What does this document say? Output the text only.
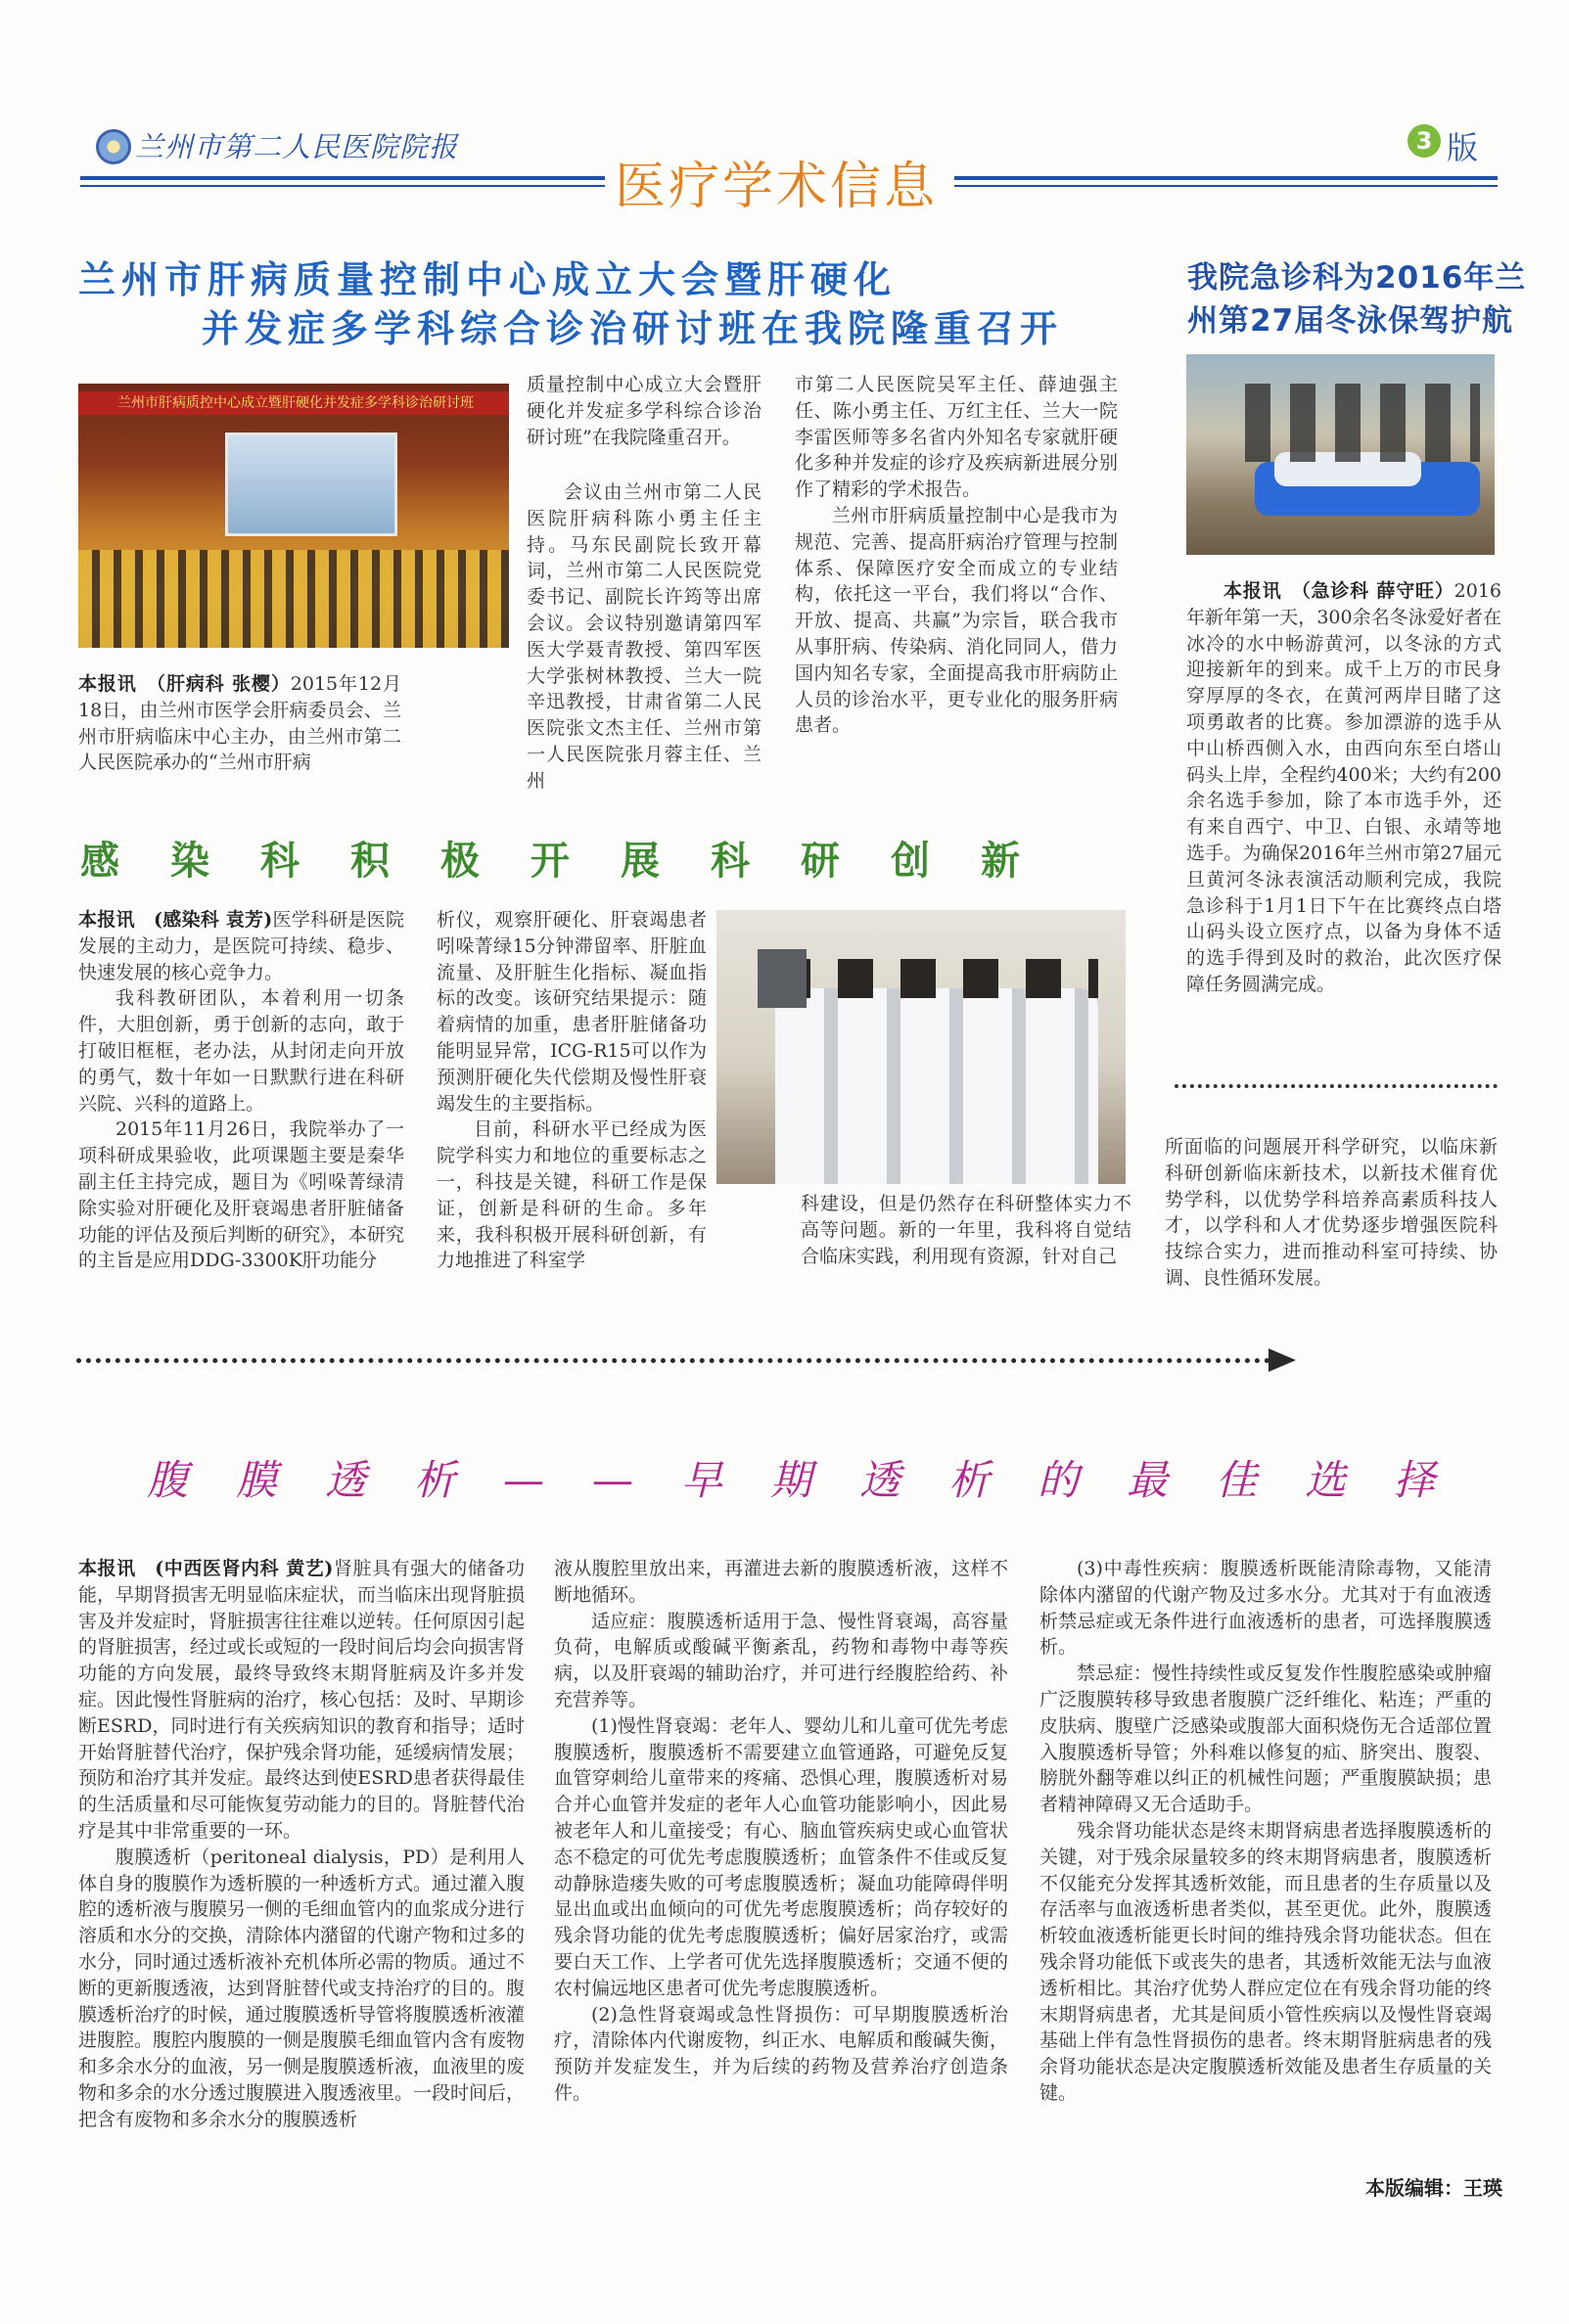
兰州市第二人民医院院报
医疗学术信息
3 版
兰州市肝病质量控制中心成立大会暨肝硬化
并发症多学科综合诊治研讨班在我院隆重召开
兰州市肝病质控中心成立暨肝硬化并发症多学科诊治研讨班

本报讯　（肝病科 张樱）2015年12月18日，由兰州市医学会肝病委员会、兰州市肝病临床中心主办，由兰州市第二人民医院承办的“兰州市肝病

质量控制中心成立大会暨肝硬化并发症多学科综合诊治研讨班”在我院隆重召开。

会议由兰州市第二人民医院肝病科陈小勇主任主持。马东民副院长致开幕词，兰州市第二人民医院党委书记、副院长许筠等出席会议。会议特别邀请第四军医大学聂青教授、第四军医大学张树林教授、兰大一院辛迅教授，甘肃省第二人民医院张文杰主任、兰州市第一人民医院张月蓉主任、兰州

市第二人民医院吴军主任、薛迪强主任、陈小勇主任、万红主任、兰大一院李雷医师等多名省内外知名专家就肝硬化多种并发症的诊疗及疾病新进展分别作了精彩的学术报告。

兰州市肝病质量控制中心是我市为规范、完善、提高肝病治疗管理与控制体系、保障医疗安全而成立的专业结构，依托这一平台，我们将以“合作、开放、提高、共赢”为宗旨，联合我市从事肝病、传染病、消化同同人，借力国内知名专家，全面提高我市肝病防止人员的诊治水平，更专业化的服务肝病患者。

我院急诊科为2016年兰
州第27届冬泳保驾护航

本报讯　（急诊科 薛守旺）2016年新年第一天，300余名冬泳爱好者在冰冷的水中畅游黄河，以冬泳的方式迎接新年的到来。成千上万的市民身穿厚厚的冬衣，在黄河两岸目睹了这项勇敢者的比赛。参加漂游的选手从中山桥西侧入水，由西向东至白塔山码头上岸，全程约400米；大约有200余名选手参加，除了本市选手外，还有来自西宁、中卫、白银、永靖等地选手。为确保2016年兰州市第27届元旦黄河冬泳表演活动顺利完成，我院急诊科于1月1日下午在比赛终点白塔山码头设立医疗点，以备为身体不适的选手得到及时的救治，此次医疗保障任务圆满完成。

感染科积极开展科研创新

本报讯　(感染科 袁芳)医学科研是医院发展的主动力，是医院可持续、稳步、快速发展的核心竞争力。

我科教研团队，本着利用一切条件，大胆创新，勇于创新的志向，敢于打破旧框框，老办法，从封闭走向开放的勇气，数十年如一日默默行进在科研兴院、兴科的道路上。

2015年11月26日，我院举办了一项科研成果验收，此项课题主要是秦华副主任主持完成，题目为《吲哚菁绿清除实验对肝硬化及肝衰竭患者肝脏储备功能的评估及预后判断的研究》，本研究的主旨是应用DDG-3300K肝功能分

析仪，观察肝硬化、肝衰竭患者吲哚菁绿15分钟滞留率、肝脏血流量、及肝脏生化指标、凝血指标的改变。该研究结果提示：随着病情的加重，患者肝脏储备功能明显异常，ICG-R15可以作为预测肝硬化失代偿期及慢性肝衰竭发生的主要指标。

目前，科研水平已经成为医院学科实力和地位的重要标志之一，科技是关键，科研工作是保证，创新是科研的生命。多年来，我科积极开展科研创新，有力地推进了科室学

科建设，但是仍然存在科研整体实力不高等问题。新的一年里，我科将自觉结合临床实践，利用现有资源，针对自己

所面临的问题展开科学研究，以临床新科研创新临床新技术，以新技术催育优势学科，以优势学科培养高素质科技人才，以学科和人才优势逐步增强医院科技综合实力，进而推动科室可持续、协调、良性循环发展。

腹膜透析——早期透析的最佳选择

本报讯　(中西医肾内科 黄艺)肾脏具有强大的储备功能，早期肾损害无明显临床症状，而当临床出现肾脏损害及并发症时，肾脏损害往往难以逆转。任何原因引起的肾脏损害，经过或长或短的一段时间后均会向损害肾功能的方向发展，最终导致终末期肾脏病及许多并发症。因此慢性肾脏病的治疗，核心包括：及时、早期诊断ESRD，同时进行有关疾病知识的教育和指导；适时开始肾脏替代治疗，保护残余肾功能，延缓病情发展；预防和治疗其并发症。最终达到使ESRD患者获得最佳的生活质量和尽可能恢复劳动能力的目的。肾脏替代治疗是其中非常重要的一环。

腹膜透析（peritoneal dialysis，PD）是利用人体自身的腹膜作为透析膜的一种透析方式。通过灌入腹腔的透析液与腹膜另一侧的毛细血管内的血浆成分进行溶质和水分的交换，清除体内潴留的代谢产物和过多的水分，同时通过透析液补充机体所必需的物质。通过不断的更新腹透液，达到肾脏替代或支持治疗的目的。腹膜透析治疗的时候，通过腹膜透析导管将腹膜透析液灌进腹腔。腹腔内腹膜的一侧是腹膜毛细血管内含有废物和多余水分的血液，另一侧是腹膜透析液，血液里的废物和多余的水分透过腹膜进入腹透液里。一段时间后，把含有废物和多余水分的腹膜透析

液从腹腔里放出来，再灌进去新的腹膜透析液，这样不断地循环。

适应症：腹膜透析适用于急、慢性肾衰竭，高容量负荷，电解质或酸碱平衡紊乱，药物和毒物中毒等疾病，以及肝衰竭的辅助治疗，并可进行经腹腔给药、补充营养等。

(1)慢性肾衰竭：老年人、婴幼儿和儿童可优先考虑腹膜透析，腹膜透析不需要建立血管通路，可避免反复血管穿刺给儿童带来的疼痛、恐惧心理，腹膜透析对易合并心血管并发症的老年人心血管功能影响小，因此易被老年人和儿童接受；有心、脑血管疾病史或心血管状态不稳定的可优先考虑腹膜透析；血管条件不佳或反复动静脉造瘘失败的可考虑腹膜透析；凝血功能障碍伴明显出血或出血倾向的可优先考虑腹膜透析；尚存较好的残余肾功能的优先考虑腹膜透析；偏好居家治疗，或需要白天工作、上学者可优先选择腹膜透析；交通不便的农村偏远地区患者可优先考虑腹膜透析。

(2)急性肾衰竭或急性肾损伤：可早期腹膜透析治疗，清除体内代谢废物，纠正水、电解质和酸碱失衡，预防并发症发生，并为后续的药物及营养治疗创造条件。

(3)中毒性疾病：腹膜透析既能清除毒物，又能清除体内潴留的代谢产物及过多水分。尤其对于有血液透析禁忌症或无条件进行血液透析的患者，可选择腹膜透析。

禁忌症：慢性持续性或反复发作性腹腔感染或肿瘤广泛腹膜转移导致患者腹膜广泛纤维化、粘连；严重的皮肤病、腹壁广泛感染或腹部大面积烧伤无合适部位置入腹膜透析导管；外科难以修复的疝、脐突出、腹裂、膀胱外翻等难以纠正的机械性问题；严重腹膜缺损；患者精神障碍又无合适助手。

残余肾功能状态是终末期肾病患者选择腹膜透析的关键，对于残余尿量较多的终末期肾病患者，腹膜透析不仅能充分发挥其透析效能，而且患者的生存质量以及存活率与血液透析患者类似，甚至更优。此外，腹膜透析较血液透析能更长时间的维持残余肾功能状态。但在残余肾功能低下或丧失的患者，其透析效能无法与血液透析相比。其治疗优势人群应定位在有残余肾功能的终末期肾病患者，尤其是间质小管性疾病以及慢性肾衰竭基础上伴有急性肾损伤的患者。终末期肾脏病患者的残余肾功能状态是决定腹膜透析效能及患者生存质量的关键。

本版编辑：王瑛
